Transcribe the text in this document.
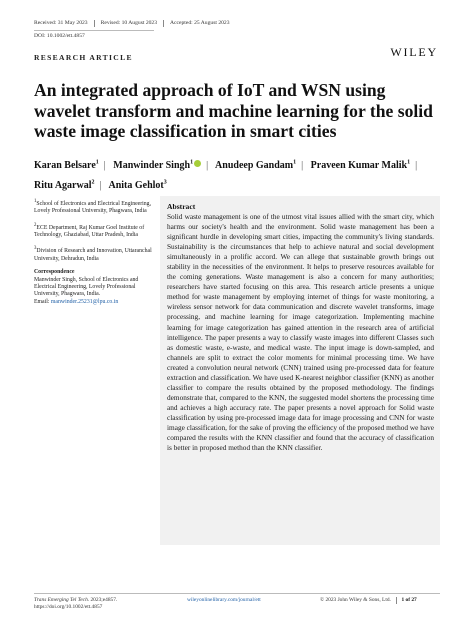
Received: 31 May 2023 Revised: 10 August 2023 Accepted: 25 August 2023
DOI: 10.1002/ett.4857
RESEARCH ARTICLE	WILEY
An integrated approach of IoT and WSN using wavelet transform and machine learning for the solid waste image classification in smart cities
Karan Belsare$^1$ | Manwinder Singh$^1$ | Anudeep Gandam$^1$ | Praveen Kumar Malik$^1$ | Ritu Agarwal$^2$ | Anita Gehlot$^3$
$^1$School of Electronics and Electrical Engineering, Lovely Professional University, Phagwara, India
$^2$ECE Department, Raj Kumar Goel Institute of Technology, Ghaziabad, Uttar Pradesh, India
$^3$Division of Research and Innovation, Uttaranchal University, Dehradun, India
Correspondence
Manwinder Singh, School of Electronics and Electrical Engineering, Lovely Professional University, Phagwara, India.
Email: manwinder.25231@lpu.co.in
Abstract

Solid waste management is one of the utmost vital issues allied with the smart city, which harms our society's health and the environment. Solid waste management has been a significant hurdle in developing smart cities, impacting the community's living standards. Sustainability is the circumstances that help to achieve natural and social development simultaneously in a prolific accord. We can allege that sustainable growth brings out stability in the necessities of the environment. It helps to preserve resources available for the coming generations. Waste management is also a concern for many authorities; researchers have started focusing on this area. This research article presents a unique method for waste management by employing internet of things for waste monitoring, a wireless sensor network for data communication and discrete wavelet transforms, image processing, and machine learning for image categorization. Implementing machine learning for image categorization has gained attention in the research area of artificial intelligence. The paper presents a way to classify waste images into different Classes such as domestic waste, e-waste, and medical waste. The input image is down-sampled, and channels are split to extract the color moments for minimal processing time. We have created a convolution neural network (CNN) trained using pre-processed data for feature extraction and classification. We have used K-nearest neighbor classifier (KNN) as another classifier to compare the results obtained by the proposed methodology. The findings demonstrate that, compared to the KNN, the suggested model shortens the processing time and achieves a high accuracy rate. The paper presents a novel approach for Solid waste classification by using pre-processed image data for image processing and CNN for waste image classification, for the sake of proving the efficiency of the proposed method we have compared the results with the KNN classifier and found that the accuracy of classification is better in proposed method than the KNN classifier.

Trans Emerging Tel Tech. 2023;e4857.
https://doi.org/10.1002/ett.4857
wileyonlinelibrary.com/journal/ett	© 2023 John Wiley & Sons, Ltd. 1 of 27
